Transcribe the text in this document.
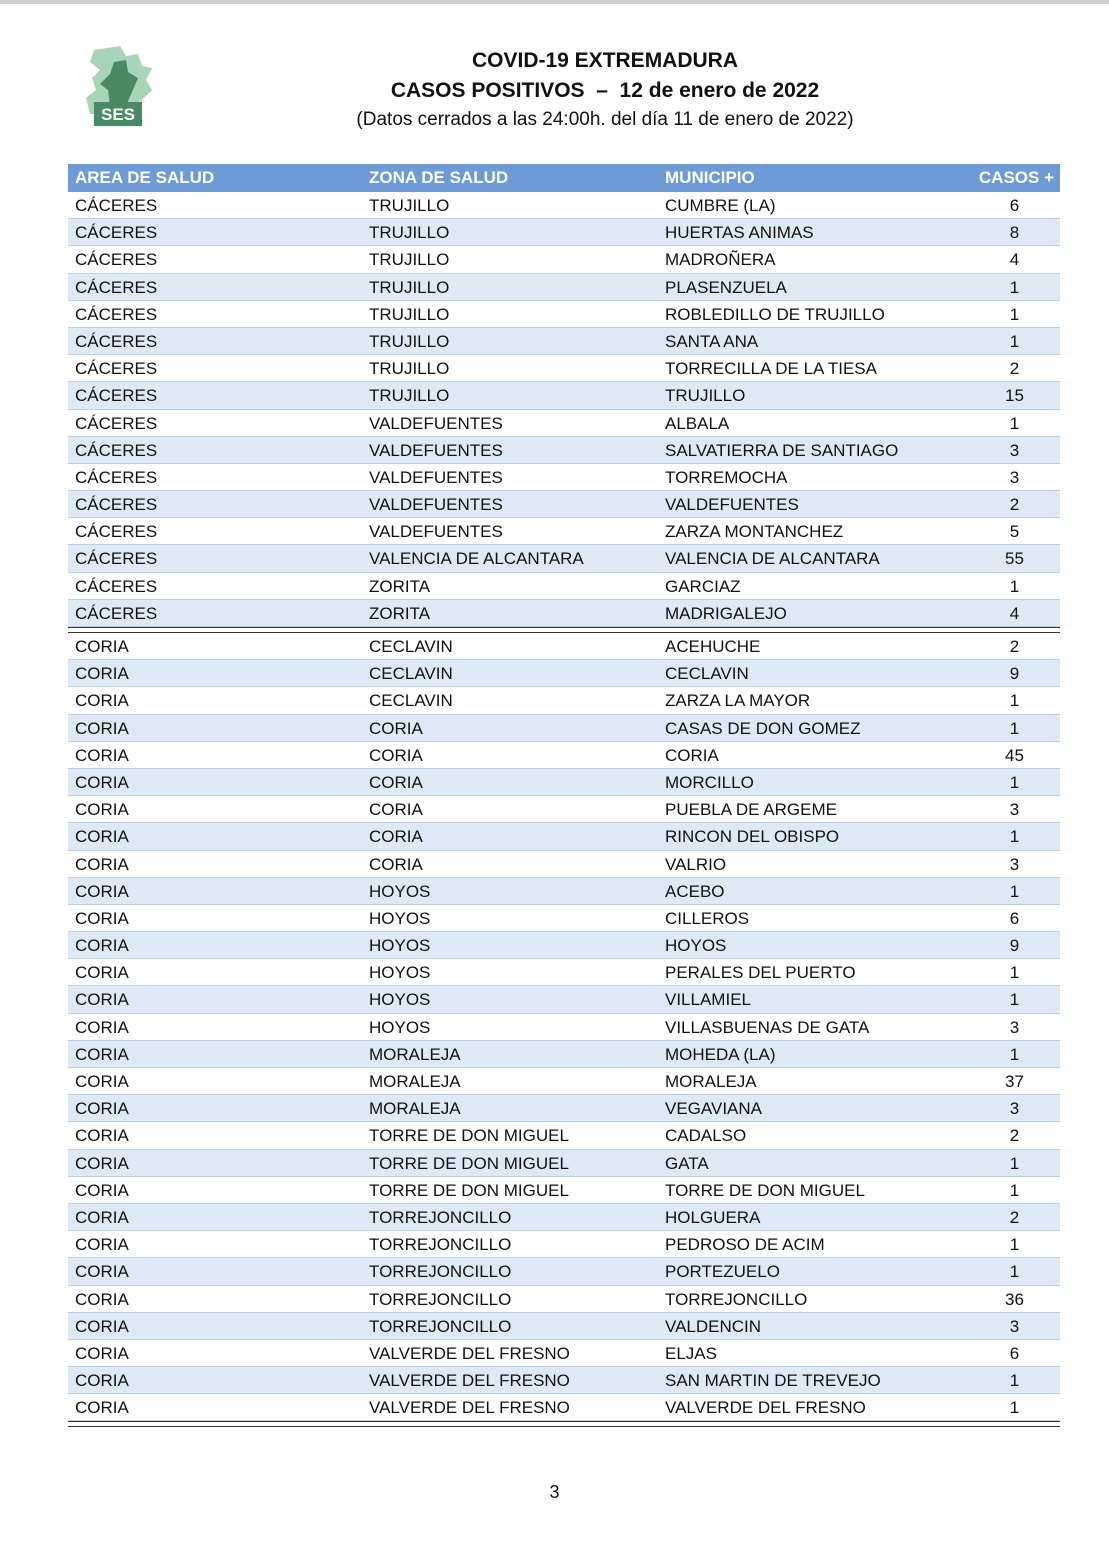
SES
COVID-19 EXTREMADURA
CASOS POSITIVOS  –  12 de enero de 2022
(Datos cerrados a las 24:00h. del día 11 de enero de 2022)
AREA DE SALUD	ZONA DE SALUD	MUNICIPIO	CASOS +
CÁCERES	TRUJILLO	CUMBRE (LA)	6
CÁCERES	TRUJILLO	HUERTAS ANIMAS	8
CÁCERES	TRUJILLO	MADROÑERA	4
CÁCERES	TRUJILLO	PLASENZUELA	1
CÁCERES	TRUJILLO	ROBLEDILLO DE TRUJILLO	1
CÁCERES	TRUJILLO	SANTA ANA	1
CÁCERES	TRUJILLO	TORRECILLA DE LA TIESA	2
CÁCERES	TRUJILLO	TRUJILLO	15
CÁCERES	VALDEFUENTES	ALBALA	1
CÁCERES	VALDEFUENTES	SALVATIERRA DE SANTIAGO	3
CÁCERES	VALDEFUENTES	TORREMOCHA	3
CÁCERES	VALDEFUENTES	VALDEFUENTES	2
CÁCERES	VALDEFUENTES	ZARZA MONTANCHEZ	5
CÁCERES	VALENCIA DE ALCANTARA	VALENCIA DE ALCANTARA	55
CÁCERES	ZORITA	GARCIAZ	1
CÁCERES	ZORITA	MADRIGALEJO	4
CORIA	CECLAVIN	ACEHUCHE	2
CORIA	CECLAVIN	CECLAVIN	9
CORIA	CECLAVIN	ZARZA LA MAYOR	1
CORIA	CORIA	CASAS DE DON GOMEZ	1
CORIA	CORIA	CORIA	45
CORIA	CORIA	MORCILLO	1
CORIA	CORIA	PUEBLA DE ARGEME	3
CORIA	CORIA	RINCON DEL OBISPO	1
CORIA	CORIA	VALRIO	3
CORIA	HOYOS	ACEBO	1
CORIA	HOYOS	CILLEROS	6
CORIA	HOYOS	HOYOS	9
CORIA	HOYOS	PERALES DEL PUERTO	1
CORIA	HOYOS	VILLAMIEL	1
CORIA	HOYOS	VILLASBUENAS DE GATA	3
CORIA	MORALEJA	MOHEDA (LA)	1
CORIA	MORALEJA	MORALEJA	37
CORIA	MORALEJA	VEGAVIANA	3
CORIA	TORRE DE DON MIGUEL	CADALSO	2
CORIA	TORRE DE DON MIGUEL	GATA	1
CORIA	TORRE DE DON MIGUEL	TORRE DE DON MIGUEL	1
CORIA	TORREJONCILLO	HOLGUERA	2
CORIA	TORREJONCILLO	PEDROSO DE ACIM	1
CORIA	TORREJONCILLO	PORTEZUELO	1
CORIA	TORREJONCILLO	TORREJONCILLO	36
CORIA	TORREJONCILLO	VALDENCIN	3
CORIA	VALVERDE DEL FRESNO	ELJAS	6
CORIA	VALVERDE DEL FRESNO	SAN MARTIN DE TREVEJO	1
CORIA	VALVERDE DEL FRESNO	VALVERDE DEL FRESNO	1
3
